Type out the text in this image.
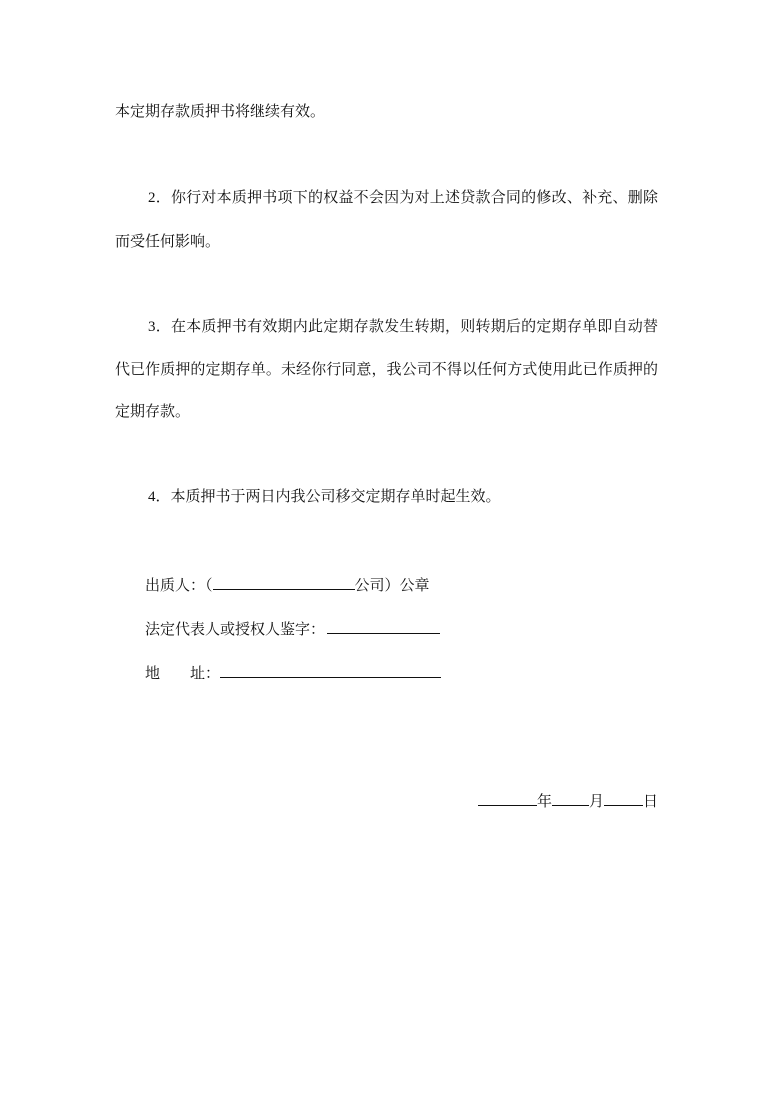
本定期存款质押书将继续有效。
2．你行对本质押书项下的权益不会因为对上述贷款合同的修改、补充、删除
而受任何影响。
3．在本质押书有效期内此定期存款发生转期，则转期后的定期存单即自动替
代已作质押的定期存单。未经你行同意，我公司不得以任何方式使用此已作质押的
定期存款。
4．本质押书于两日内我公司移交定期存单时起生效。
出质人：（	公司）公章
法定代表人或授权人鉴字：
地　　址：
年 月	日
